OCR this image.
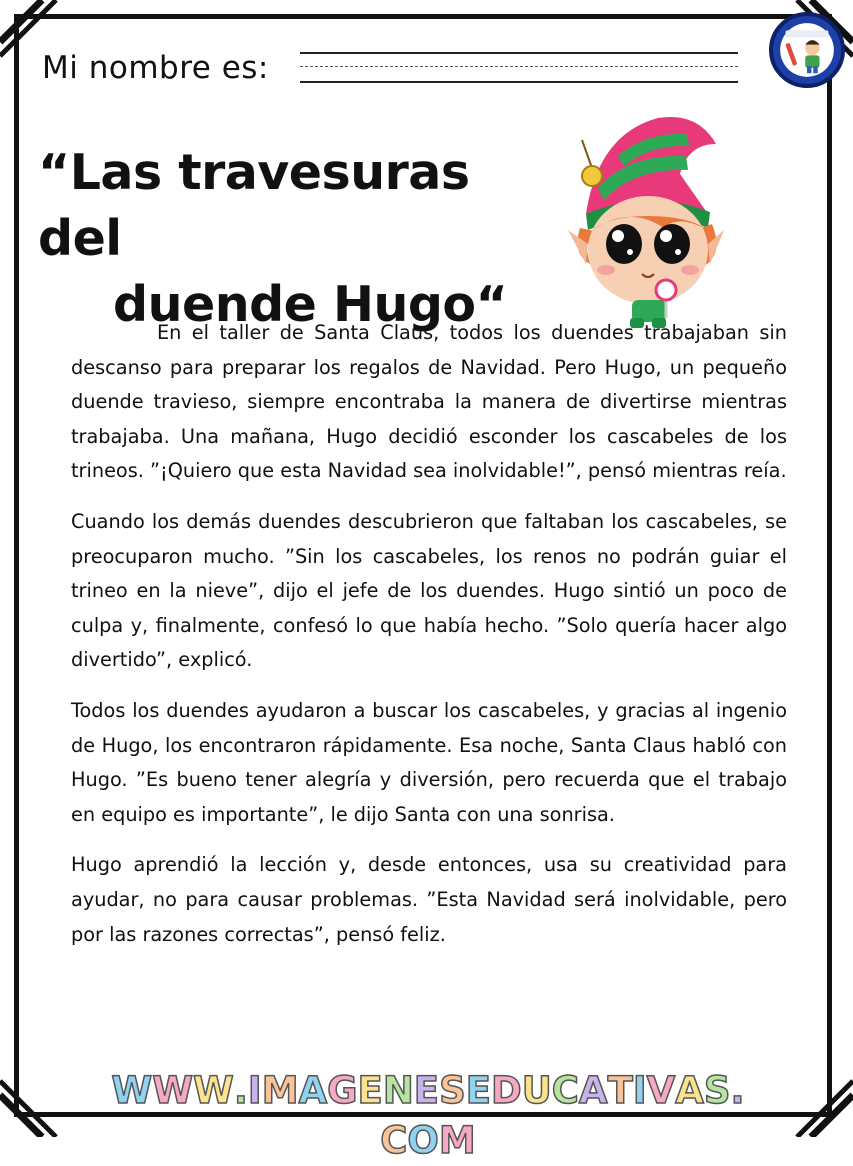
Mi nombre es:
“Las travesuras del
duende Hugo“

En el taller de Santa Claus, todos los duendes trabajaban sin descanso para preparar los regalos de Navidad. Pero Hugo, un pequeño duende travieso, siempre encontraba la manera de divertirse mientras trabajaba. Una mañana, Hugo decidió esconder los cascabeles de los trineos. ”¡Quiero que esta Navidad sea inolvidable!”, pensó mientras reía.

Cuando los demás duendes descubrieron que faltaban los cascabeles, se preocuparon mucho. ”Sin los cascabeles, los renos no podrán guiar el trineo en la nieve”, dijo el jefe de los duendes. Hugo sintió un poco de culpa y, finalmente, confesó lo que había hecho. ”Solo quería hacer algo divertido”, explicó.

Todos los duendes ayudaron a buscar los cascabeles, y gracias al ingenio de Hugo, los encontraron rápidamente. Esa noche, Santa Claus habló con Hugo. ”Es bueno tener alegría y diversión, pero recuerda que el trabajo en equipo es importante”, le dijo Santa con una sonrisa.

Hugo aprendió la lección y, desde entonces, usa su creatividad para ayudar, no para causar problemas. ”Esta Navidad será inolvidable, pero por las razones correctas”, pensó feliz.

WWW.IMAGENESEDUCATIVAS.COM
